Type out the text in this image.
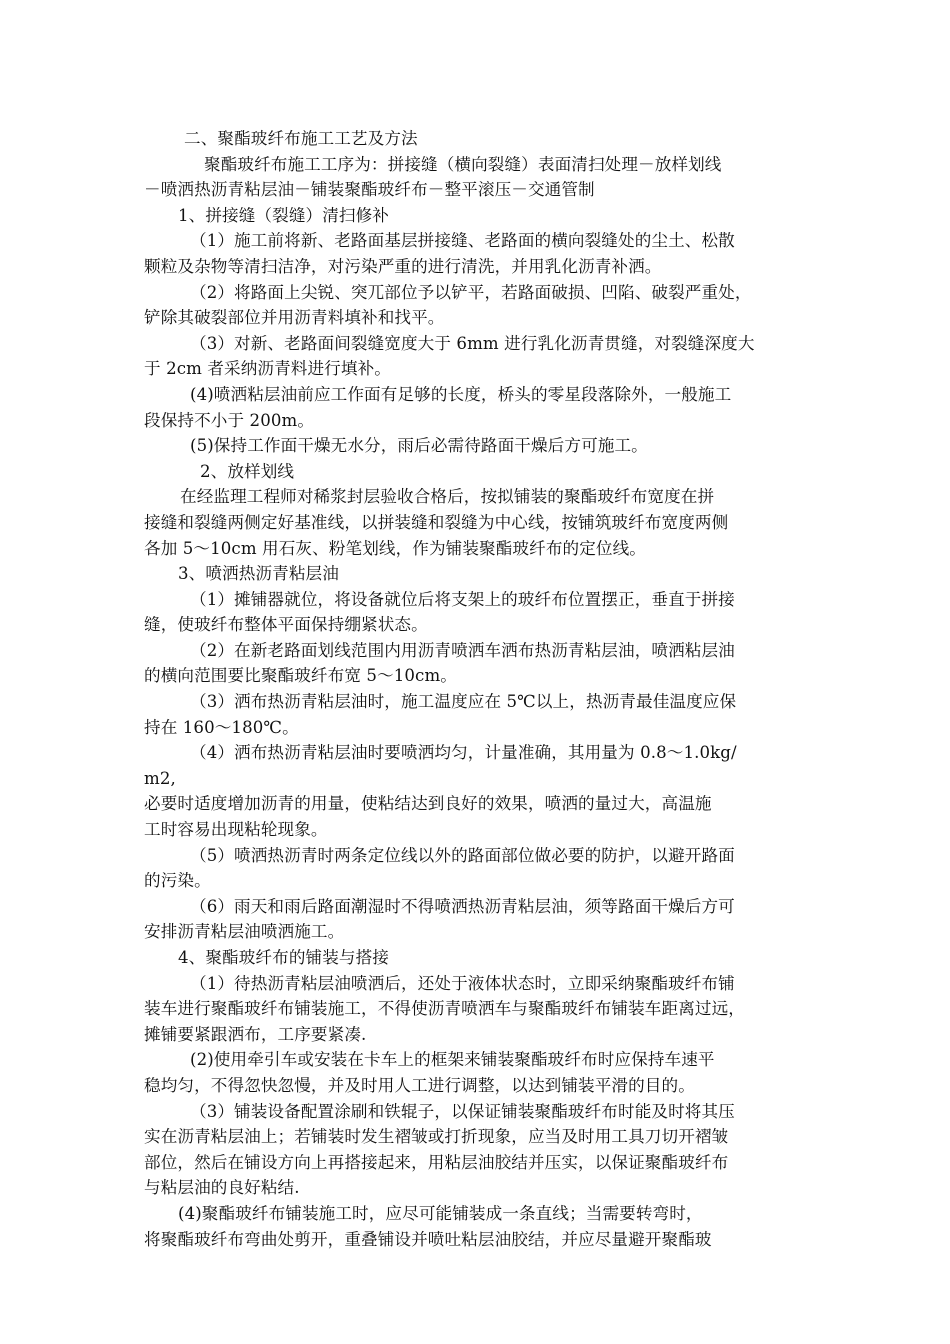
二、聚酯玻纤布施工工艺及方法
聚酯玻纤布施工工序为：拼接缝（横向裂缝）表面清扫处理－放样划线
－喷洒热沥青粘层油－铺装聚酯玻纤布－整平滚压－交通管制
1、拼接缝（裂缝）清扫修补
（1）施工前将新、老路面基层拼接缝、老路面的横向裂缝处的尘土、松散
颗粒及杂物等清扫洁净，对污染严重的进行清洗，并用乳化沥青补洒。
（2）将路面上尖锐、突兀部位予以铲平，若路面破损、凹陷、破裂严重处，
铲除其破裂部位并用沥青料填补和找平。
（3）对新、老路面间裂缝宽度大于 6mm 进行乳化沥青贯缝，对裂缝深度大
于 2cm 者采纳沥青料进行填补。
(4)喷洒粘层油前应工作面有足够的长度，桥头的零星段落除外，一般施工
段保持不小于 200m。
(5)保持工作面干燥无水分，雨后必需待路面干燥后方可施工。
2、放样划线
在经监理工程师对稀浆封层验收合格后，按拟铺装的聚酯玻纤布宽度在拼
接缝和裂缝两侧定好基准线，以拼装缝和裂缝为中心线，按铺筑玻纤布宽度两侧
各加 5～10cm 用石灰、粉笔划线，作为铺装聚酯玻纤布的定位线。
3、喷洒热沥青粘层油
（1）摊铺器就位，将设备就位后将支架上的玻纤布位置摆正，垂直于拼接
缝，使玻纤布整体平面保持绷紧状态。
（2）在新老路面划线范围内用沥青喷洒车洒布热沥青粘层油，喷洒粘层油
的横向范围要比聚酯玻纤布宽 5～10cm。
（3）洒布热沥青粘层油时，施工温度应在 5℃以上，热沥青最佳温度应保
持在 160～180℃。
（4）洒布热沥青粘层油时要喷洒均匀，计量准确，其用量为 0.8～1.0kg/
m2,
必要时适度增加沥青的用量，使粘结达到良好的效果，喷洒的量过大，高温施
工时容易出现粘轮现象。
（5）喷洒热沥青时两条定位线以外的路面部位做必要的防护，以避开路面
的污染。
（6）雨天和雨后路面潮湿时不得喷洒热沥青粘层油，须等路面干燥后方可
安排沥青粘层油喷洒施工。
4、聚酯玻纤布的铺装与搭接
（1）待热沥青粘层油喷洒后，还处于液体状态时，立即采纳聚酯玻纤布铺
装车进行聚酯玻纤布铺装施工，不得使沥青喷洒车与聚酯玻纤布铺装车距离过远，
摊铺要紧跟洒布，工序要紧凑.
(2)使用牵引车或安装在卡车上的框架来铺装聚酯玻纤布时应保持车速平
稳均匀，不得忽快忽慢，并及时用人工进行调整，以达到铺装平滑的目的。
（3）铺装设备配置涂刷和铁辊子，以保证铺装聚酯玻纤布时能及时将其压
实在沥青粘层油上；若铺装时发生褶皱或打折现象，应当及时用工具刀切开褶皱
部位，然后在铺设方向上再搭接起来，用粘层油胶结并压实，以保证聚酯玻纤布
与粘层油的良好粘结.
(4)聚酯玻纤布铺装施工时，应尽可能铺装成一条直线；当需要转弯时，
将聚酯玻纤布弯曲处剪开，重叠铺设并喷吐粘层油胶结，并应尽量避开聚酯玻
